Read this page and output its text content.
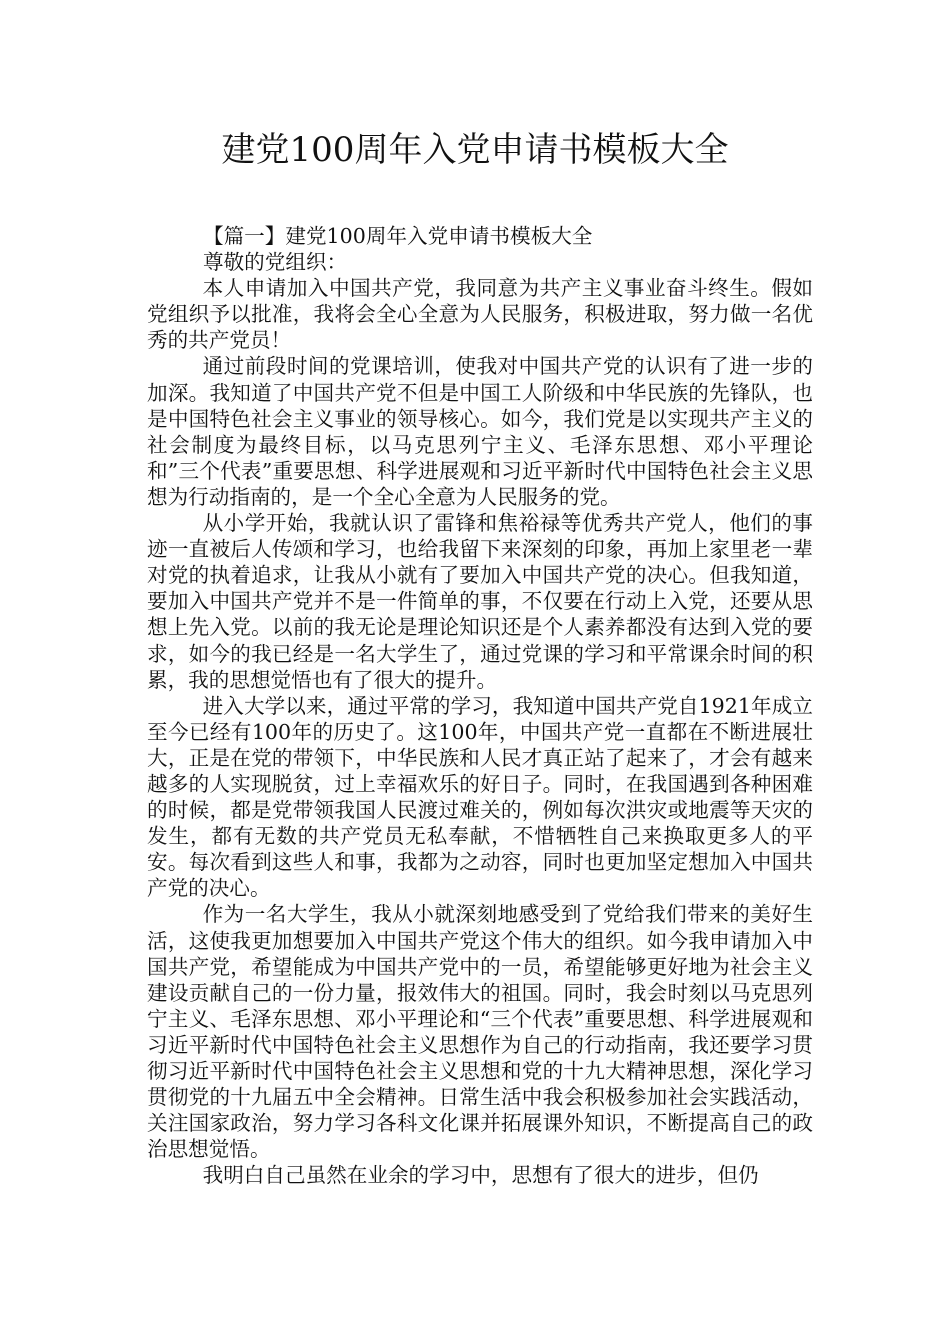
建党100周年入党申请书模板大全

【篇一】建党100周年入党申请书模板大全

尊敬的党组织：

本人申请加入中国共产党，我同意为共产主义事业奋斗终生。假如党组织予以批准，我将会全心全意为人民服务，积极进取，努力做一名优秀的共产党员！

通过前段时间的党课培训，使我对中国共产党的认识有了进一步的加深。我知道了中国共产党不但是中国工人阶级和中华民族的先锋队，也是中国特色社会主义事业的领导核心。如今，我们党是以实现共产主义的社会制度为最终目标，以马克思列宁主义、毛泽东思想、邓小平理论和”三个代表”重要思想、科学进展观和习近平新时代中国特色社会主义思想为行动指南的，是一个全心全意为人民服务的党。

从小学开始，我就认识了雷锋和焦裕禄等优秀共产党人，他们的事迹一直被后人传颂和学习，也给我留下来深刻的印象，再加上家里老一辈对党的执着追求，让我从小就有了要加入中国共产党的决心。但我知道，要加入中国共产党并不是一件简单的事，不仅要在行动上入党，还要从思想上先入党。以前的我无论是理论知识还是个人素养都没有达到入党的要求，如今的我已经是一名大学生了，通过党课的学习和平常课余时间的积累，我的思想觉悟也有了很大的提升。

进入大学以来，通过平常的学习，我知道中国共产党自1921年成立至今已经有100年的历史了。这100年，中国共产党一直都在不断进展壮大，正是在党的带领下，中华民族和人民才真正站了起来了，才会有越来越多的人实现脱贫，过上幸福欢乐的好日子。同时，在我国遇到各种困难的时候，都是党带领我国人民渡过难关的，例如每次洪灾或地震等天灾的发生，都有无数的共产党员无私奉献，不惜牺牲自己来换取更多人的平安。每次看到这些人和事，我都为之动容，同时也更加坚定想加入中国共产党的决心。

作为一名大学生，我从小就深刻地感受到了党给我们带来的美好生活，这使我更加想要加入中国共产党这个伟大的组织。如今我申请加入中国共产党，希望能成为中国共产党中的一员，希望能够更好地为社会主义建设贡献自己的一份力量，报效伟大的祖国。同时，我会时刻以马克思列宁主义、毛泽东思想、邓小平理论和“三个代表”重要思想、科学进展观和习近平新时代中国特色社会主义思想作为自己的行动指南，我还要学习贯彻习近平新时代中国特色社会主义思想和党的十九大精神思想，深化学习贯彻党的十九届五中全会精神。日常生活中我会积极参加社会实践活动，关注国家政治，努力学习各科文化课并拓展课外知识，不断提高自己的政治思想觉悟。

我明白自己虽然在业余的学习中，思想有了很大的进步，但仍
